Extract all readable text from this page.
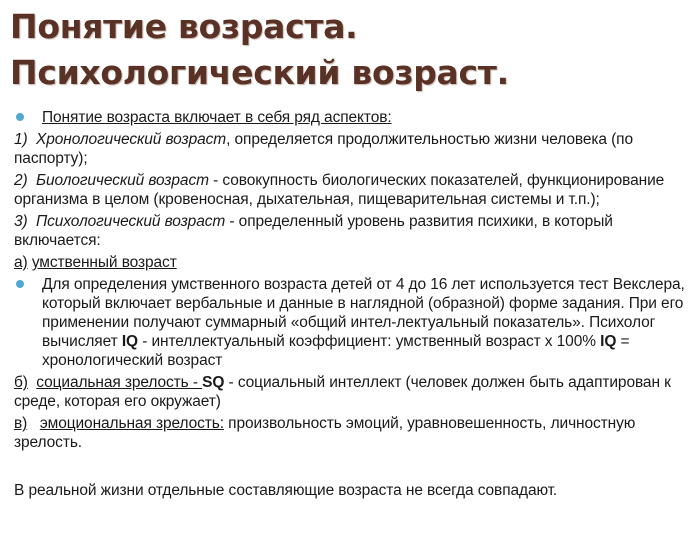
Понятие возраста.
Психологический возраст.
Понятие возраста включает в себя ряд аспектов:

1) Хронологический возраст, определяется продолжительностью жизни человека (по паспорту);

2) Биологический возраст - совокупность биологических показателей, функционирование организма в целом (кровеносная, дыхательная, пищеварительная системы и т.п.);

3) Психологический возраст - определенный уровень развития психики, в который включается:

а) умственный возраст

Для определения умственного возраста детей от 4 до 16 лет используется тест Векслера, который включает вербальные и данные в наглядной (образной) форме задания. При его применении получают суммарный «общий интел-лектуальный показатель». Психолог вычисляет IQ - интеллектуальный коэффициент: умственный возраст х 100% IQ = хронологический возраст

б) социальная зрелость - SQ - социальный интеллект (человек должен быть адаптирован к среде, которая его окружает)

в) эмоциональная зрелость: произвольность эмоций, уравновешенность, личностную зрелость.

В реальной жизни отдельные составляющие возраста не всегда совпадают.
